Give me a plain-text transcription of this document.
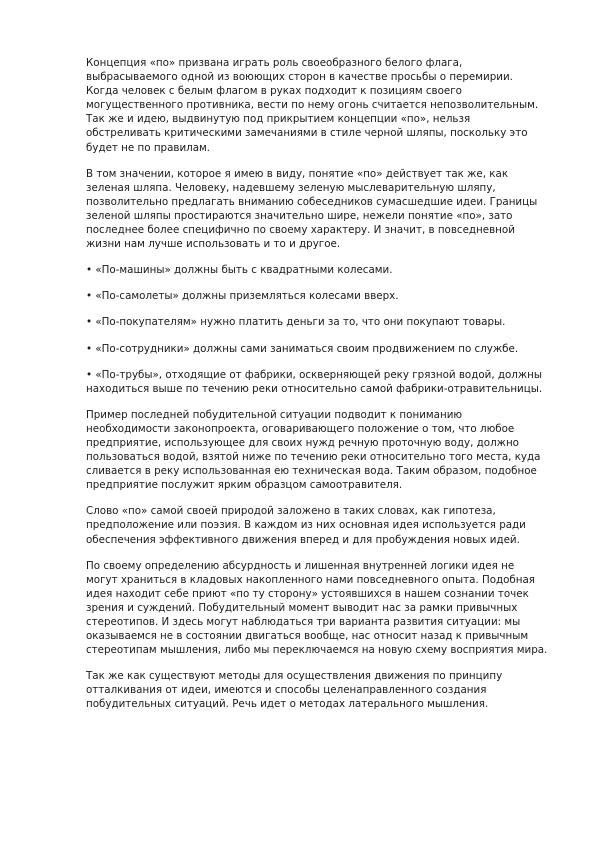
Концепция «по» призвана играть роль своеобразного белого флага, выбрасываемого одной из воюющих сторон в качестве просьбы о перемирии. Когда человек с белым флагом в руках подходит к позициям своего могущественного противника, вести по нему огонь считается непозволительным. Так же и идею, выдвинутую под прикрытием концепции «по», нельзя обстреливать критическими замечаниями в стиле черной шляпы, поскольку это будет не по правилам.

В том значении, которое я имею в виду, понятие «по» действует так же, как зеленая шляпа. Человеку, надевшему зеленую мыслеварительную шляпу, позволительно предлагать вниманию собеседников сумасшедшие идеи. Границы зеленой шляпы простираются значительно шире, нежели понятие «по», зато последнее более специфично по своему характеру. И значит, в повседневной жизни нам лучше использовать и то и другое.

• «По-машины» должны быть с квадратными колесами.

• «По-самолеты» должны приземляться колесами вверх.

• «По-покупателям» нужно платить деньги за то, что они покупают товары.

• «По-сотрудники» должны сами заниматься своим продвижением по службе.

• «По-трубы», отходящие от фабрики, оскверняющей реку грязной водой, должны находиться выше по течению реки относительно самой фабрики-отравительницы.

Пример последней побудительной ситуации подводит к пониманию необходимости законопроекта, оговаривающего положение о том, что любое предприятие, использующее для своих нужд речную проточную воду, должно пользоваться водой, взятой ниже по течению реки относительно того места, куда сливается в реку использованная ею техническая вода. Таким образом, подобное предприятие послужит ярким образцом самоотравителя.

Слово «по» самой своей природой заложено в таких словах, как гипотеза, предположение или поэзия. В каждом из них основная идея используется ради обеспечения эффективного движения вперед и для пробуждения новых идей.

По своему определению абсурдность и лишенная внутренней логики идея не могут храниться в кладовых накопленного нами повседневного опыта. Подобная идея находит себе приют «по ту сторону» устоявшихся в нашем сознании точек зрения и суждений. Побудительный момент выводит нас за рамки привычных стереотипов. И здесь могут наблюдаться три варианта развития ситуации: мы оказываемся не в состоянии двигаться вообще, нас относит назад к привычным стереотипам мышления, либо мы переключаемся на новую схему восприятия мира.

Так же как существуют методы для осуществления движения по принципу отталкивания от идеи, имеются и способы целенаправленного создания побудительных ситуаций. Речь идет о методах латерального мышления.
